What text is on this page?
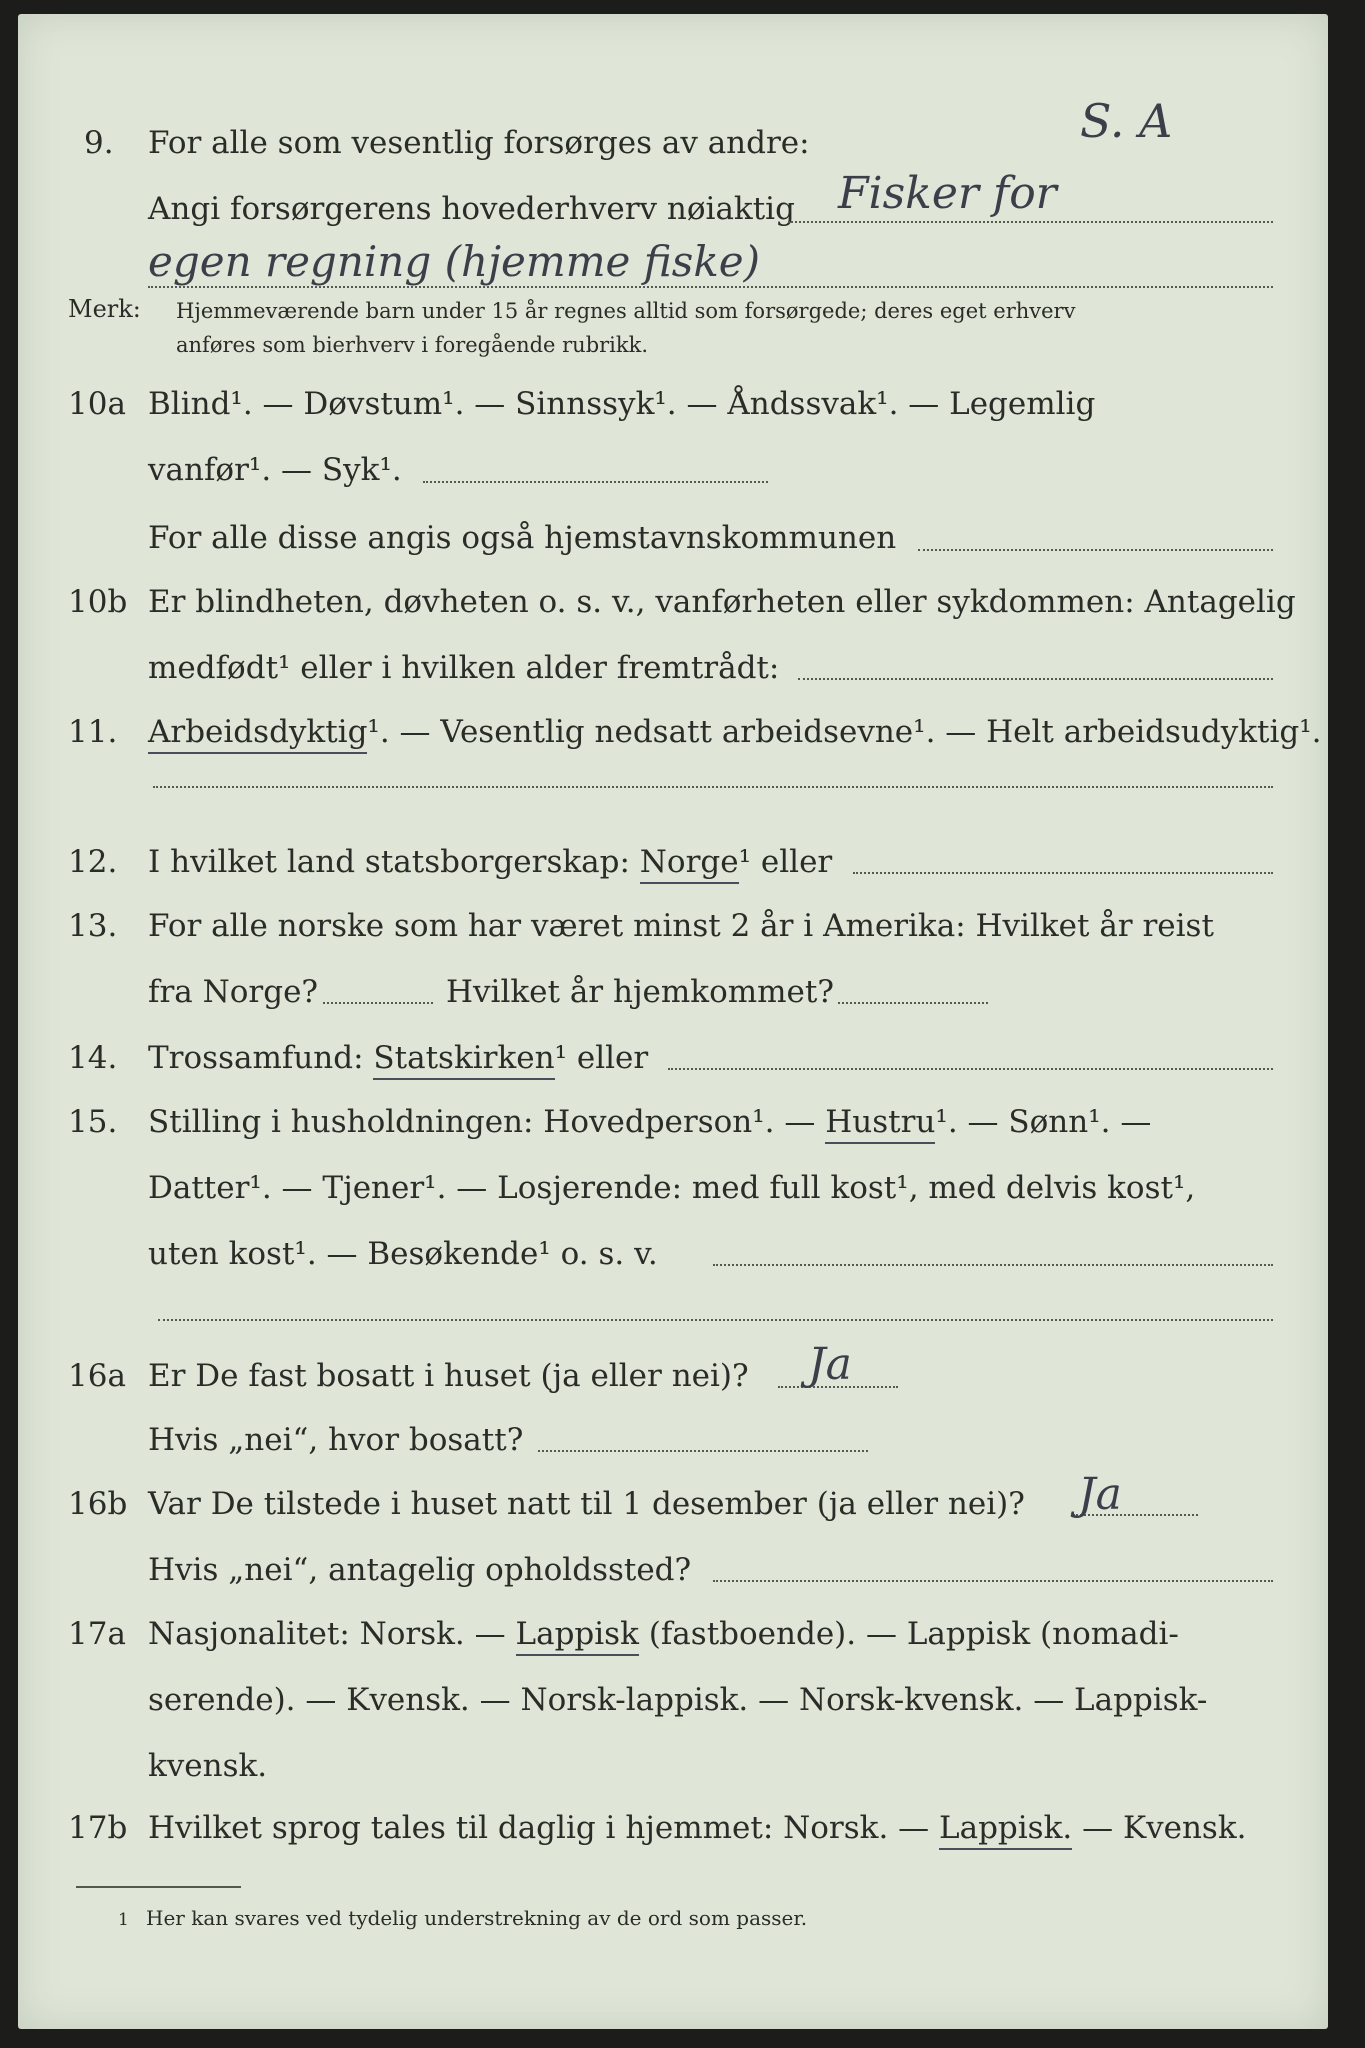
S. A
9. For alle som vesentlig forsørges av andre:
Angi forsørgerens hovederhverv nøiaktig Fisker for
egen regning (hjemme fiske)
Merk: Hjemmeværende barn under 15 år regnes alltid som forsørgede; deres eget erhverv
anføres som bierhverv i foregående rubrikk.
10a Blind¹. — Døvstum¹. — Sinnssyk¹. — Åndssvak¹. — Legemlig
vanfør¹. — Syk¹.
For alle disse angis også hjemstavnskommunen
10b Er blindheten, døvheten o. s. v., vanførheten eller sykdommen: Antagelig
medfødt¹ eller i hvilken alder fremtrådt:
11. Arbeidsdyktig¹. — Vesentlig nedsatt arbeidsevne¹. — Helt arbeidsudyktig¹.
12. I hvilket land statsborgerskap: Norge¹ eller
13. For alle norske som har været minst 2 år i Amerika: Hvilket år reist
fra Norge?	Hvilket år hjemkommet?
14. Trossamfund: Statskirken¹ eller
15. Stilling i husholdningen: Hovedperson¹. — Hustru¹. — Sønn¹. —
Datter¹. — Tjener¹. — Losjerende: med full kost¹, med delvis kost¹,
uten kost¹. — Besøkende¹ o. s. v.
16a Er De fast bosatt i huset (ja eller nei)? Ja
Hvis „nei“, hvor bosatt?
16b Var De tilstede i huset natt til 1 desember (ja eller nei)? Ja
Hvis „nei“, antagelig opholdssted?
17a Nasjonalitet: Norsk. — Lappisk (fastboende). — Lappisk (nomadi-
serende). — Kvensk. — Norsk-lappisk. — Norsk-kvensk. — Lappisk-
kvensk.
17b Hvilket sprog tales til daglig i hjemmet: Norsk. — Lappisk. — Kvensk.
1 Her kan svares ved tydelig understrekning av de ord som passer.
